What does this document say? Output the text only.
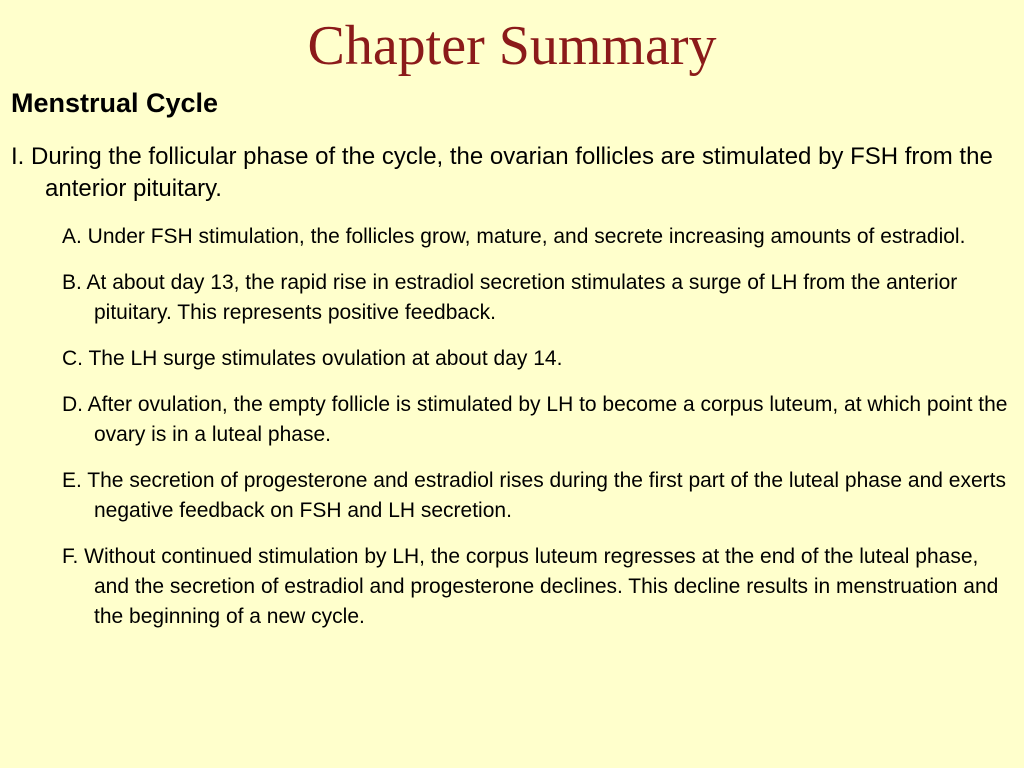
Chapter Summary
Menstrual Cycle

I. During the follicular phase of the cycle, the ovarian follicles are stimulated by FSH from the anterior pituitary.

A. Under FSH stimulation, the follicles grow, mature, and secrete increasing amounts of estradiol.
B. At about day 13, the rapid rise in estradiol secretion stimulates a surge of LH from the anterior pituitary. This represents positive feedback.
C. The LH surge stimulates ovulation at about day 14.
D. After ovulation, the empty follicle is stimulated by LH to become a corpus luteum, at which point the ovary is in a luteal phase.
E. The secretion of progesterone and estradiol rises during the first part of the luteal phase and exerts negative feedback on FSH and LH secretion.
F. Without continued stimulation by LH, the corpus luteum regresses at the end of the luteal phase, and the secretion of estradiol and progesterone declines. This decline results in menstruation and the beginning of a new cycle.
